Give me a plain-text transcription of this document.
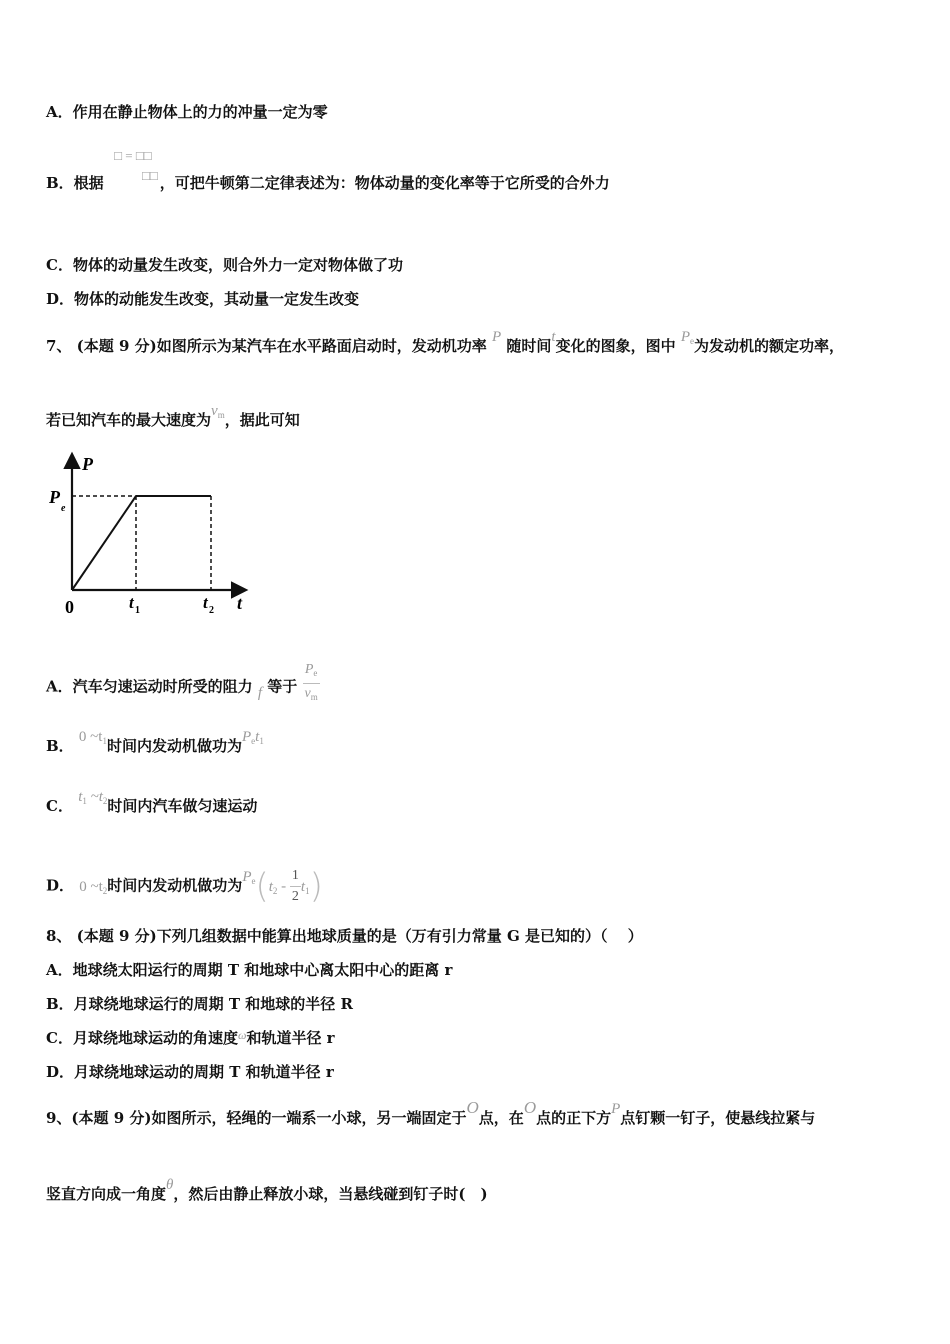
A．作用在静止物体上的力的冲量一定为零
□ = □□
□□
B．根据	，可把牛顿第二定律表述为：物体动量的变化率等于它所受的合外力
C．物体的动量发生改变，则合外力一定对物体做了功
D．物体的动能发生改变，其动量一定发生改变
7、 (本题 9 分)如图所示为某汽车在水平路面启动时，发动机功率 P 随时间t变化的图象，图中 $P_e$为发动机的额定功率，
若已知汽车的最大速度为$v_m$，据此可知
P
t
0
P
e
t 1	t 2
A．汽车匀速运动时所受的阻力 f 等于 $\frac{P_e}{v_m}$
B． 0 $\sim t_1$时间内发动机做功为$P_et_1$
C． $t_1$ $\sim t_2$时间内汽车做匀速运动
D． 0 $\sim t_2$时间内发动机做功为$P_e(t_2 - \frac{1}{2} t_1)$
8、 (本题 9 分)下列几组数据中能算出地球质量的是（万有引力常量 G 是已知的）（　 ）
A．地球绕太阳运行的周期 T 和地球中心离太阳中心的距离 r
B．月球绕地球运行的周期 T 和地球的半径 R
C．月球绕地球运动的角速度$^\omega$和轨道半径 r
D．月球绕地球运动的周期 T 和轨道半径 r
9、(本题 9 分)如图所示，轻绳的一端系一小球，另一端固定于O点，在O点的正下方P点钉颗一钉子，使悬线拉紧与
竖直方向成一角度θ，然后由静止释放小球，当悬线碰到钉子时(　)
